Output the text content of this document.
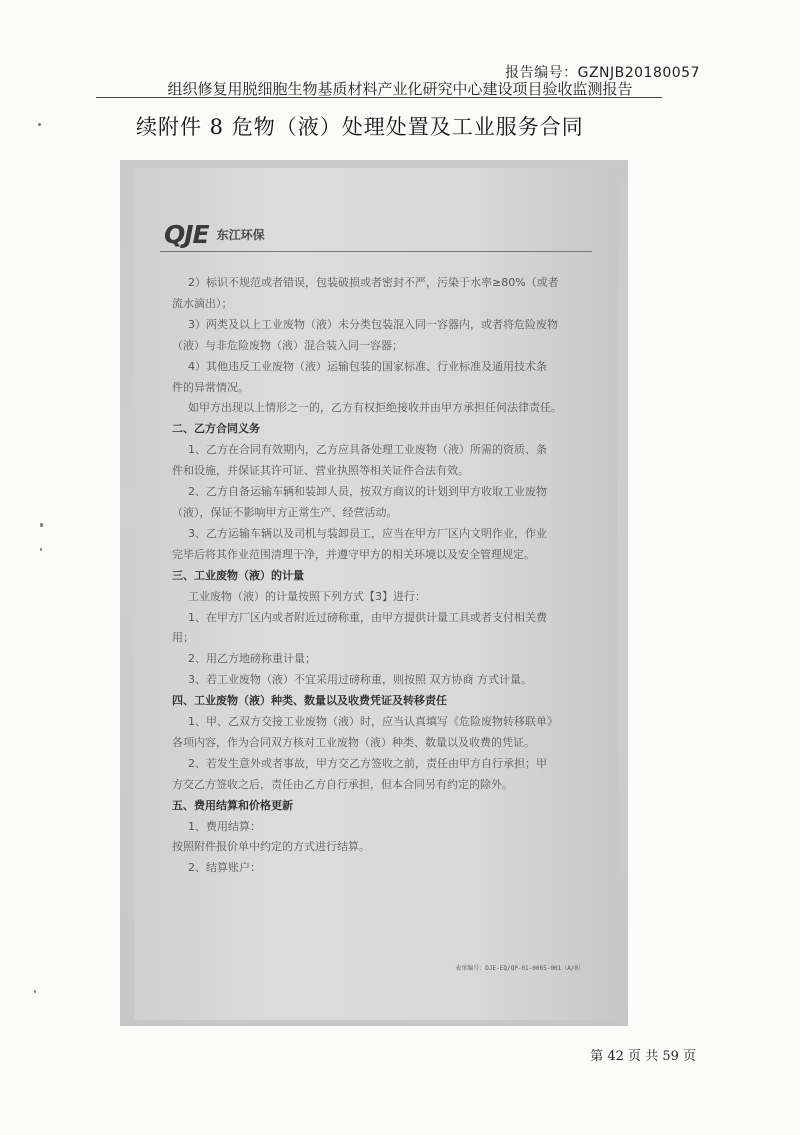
报告编号：GZNJB20180057
组织修复用脱细胞生物基质材料产业化研究中心建设项目验收监测报告
续附件 8 危物（液）处理处置及工业服务合同
QJE 东江环保
2）标识不规范或者错误，包装破损或者密封不严，污染于水率≥80%（或者
流水滴出）；
3）两类及以上工业废物（液）未分类包装混入同一容器内，或者将危险废物
（液）与非危险废物（液）混合装入同一容器；
4）其他违反工业废物（液）运输包装的国家标准、行业标准及通用技术条
件的异常情况。
如甲方出现以上情形之一的，乙方有权拒绝接收并由甲方承担任何法律责任。
二、乙方合同义务
1、乙方在合同有效期内，乙方应具备处理工业废物（液）所需的资质、条
件和设施，并保证其许可证、营业执照等相关证件合法有效。
2、乙方自备运输车辆和装卸人员，按双方商议的计划到甲方收取工业废物
（液），保证不影响甲方正常生产、经营活动。
3、乙方运输车辆以及司机与装卸员工，应当在甲方厂区内文明作业，作业
完毕后将其作业范围清理干净，并遵守甲方的相关环境以及安全管理规定。
三、工业废物（液）的计量
工业废物（液）的计量按照下列方式【3】进行：
1、在甲方厂区内或者附近过磅称重，由甲方提供计量工具或者支付相关费
用；
2、用乙方地磅称重计量；
3、若工业废物（液）不宜采用过磅称重，则按照 双方协商 方式计量。
四、工业废物（液）种类、数量以及收费凭证及转移责任
1、甲、乙双方交接工业废物（液）时，应当认真填写《危险废物转移联单》
各项内容，作为合同双方核对工业废物（液）种类、数量以及收费的凭证。
2、若发生意外或者事故，甲方交乙方签收之前，责任由甲方自行承担；甲
方交乙方签收之后，责任由乙方自行承担，但本合同另有约定的除外。
五、费用结算和价格更新
1、费用结算：
按照附件报价单中约定的方式进行结算。
2、结算账户：
表单编号：DJE-EQ/QP-01-0065-001（A/0）
第 42 页 共 59 页
